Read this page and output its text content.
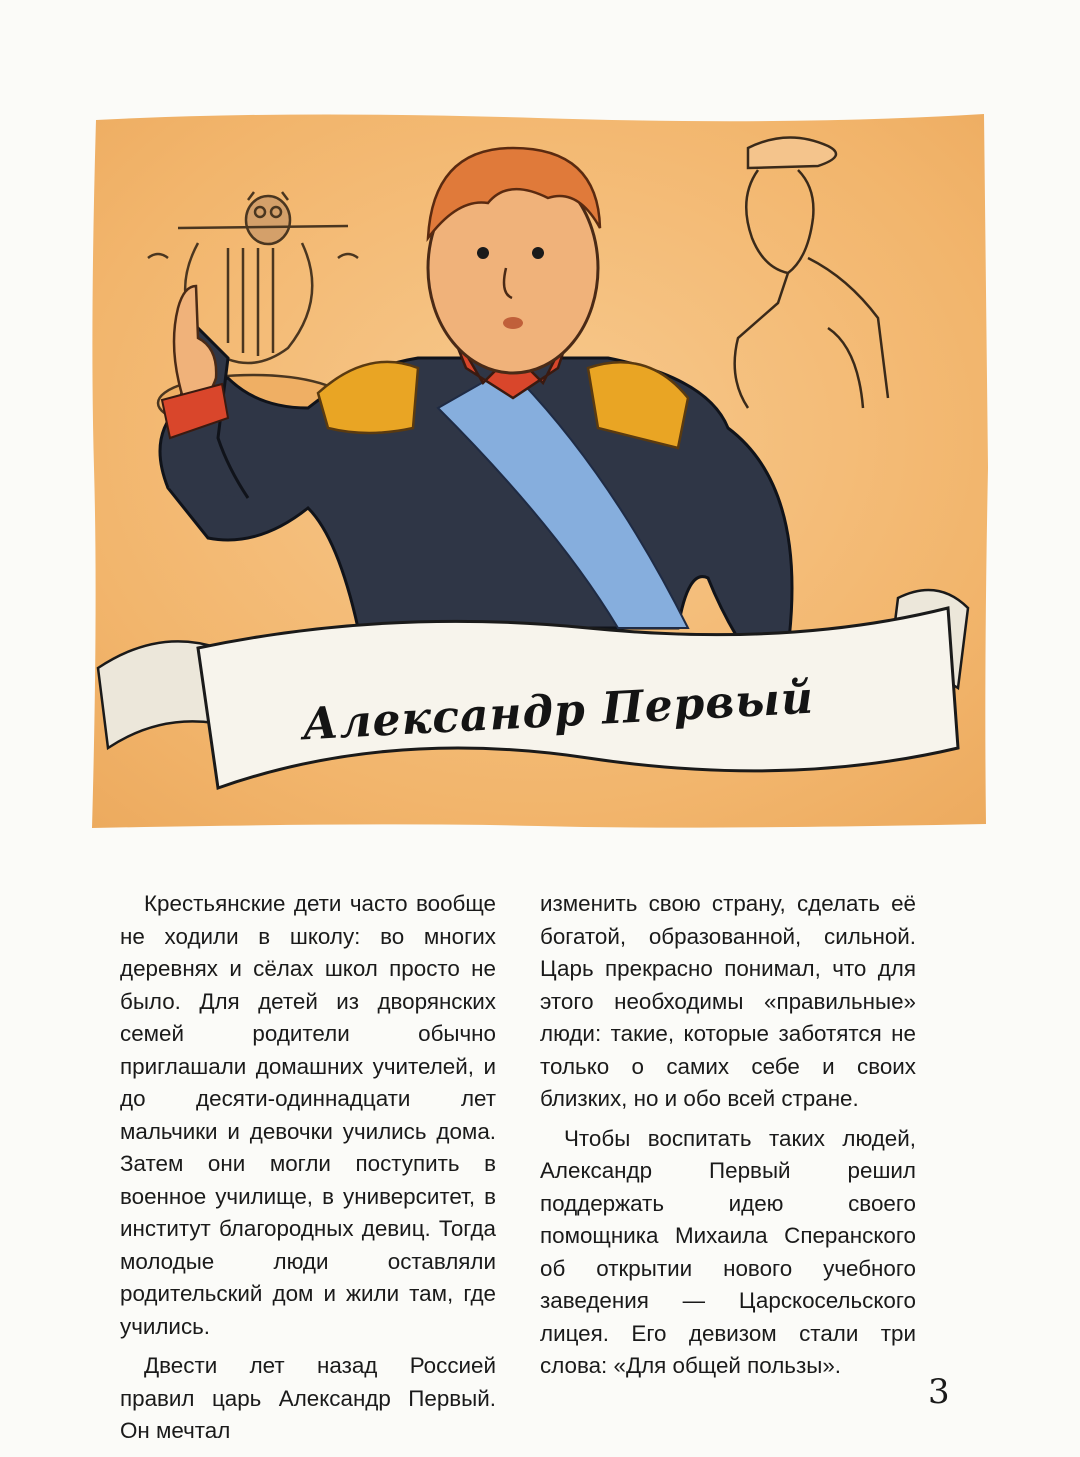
Александр Первый

Крестьянские дети часто вообще не ходили в школу: во многих деревнях и сёлах школ просто не было. Для детей из дворянских семей родители обычно приглашали домашних учителей, и до десяти-одиннадцати лет мальчики и девочки учились дома. Затем они могли поступить в военное училище, в университет, в институт благородных девиц. Тогда молодые люди оставляли родительский дом и жили там, где учились.

Двести лет назад Россией правил царь Александр Первый. Он мечтал

изменить свою страну, сделать её богатой, образованной, сильной. Царь прекрасно понимал, что для этого необходимы «правильные» люди: такие, которые заботятся не только о самих себе и своих близких, но и обо всей стране.

Чтобы воспитать таких людей, Александр Первый решил поддержать идею своего помощника Михаила Сперанского об открытии нового учебного заведения — Царскосельского лицея. Его девизом стали три слова: «Для общей пользы».

3
